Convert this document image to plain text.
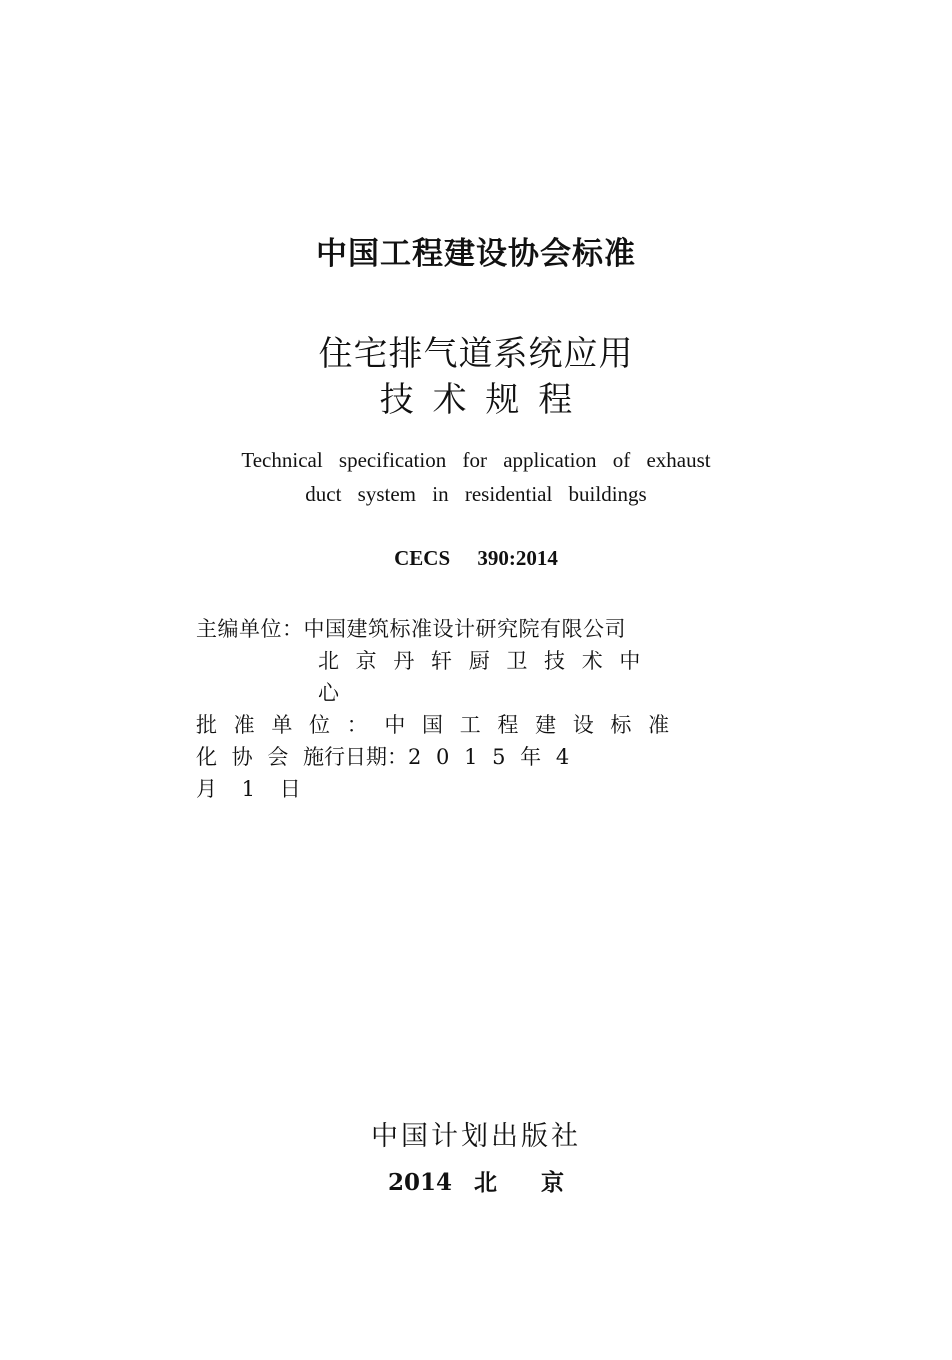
中国工程建设协会标准
住宅排气道系统应用
技 术 规 程
Technical specification for application of exhaust
duct system in residential buildings
CECS 390:2014
主编单位：中国建筑标准设计研究院有限公司
北 京 丹 轩 厨 卫 技 术 中
心
批 准 单 位 ： 中 国 工 程 建 设 标 准
化 协 会 施行日期：2 0 1 5 年 4
月 1 日
中国计划出版社
2014 北  京
